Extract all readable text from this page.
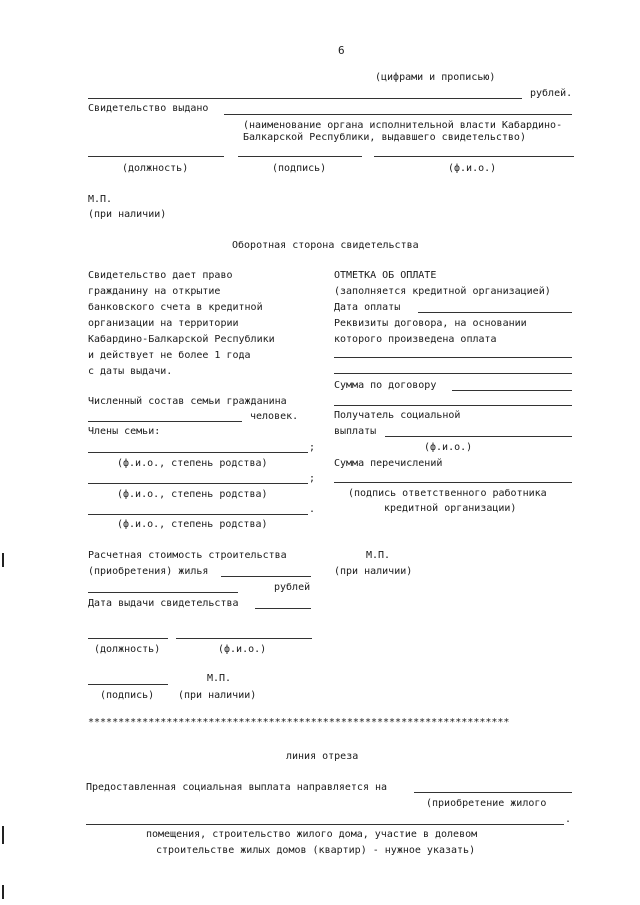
6
(цифрами и прописью)
рублей.
Свидетельство выдано
(наименование органа исполнительной власти Кабардино-
Балкарской Республики, выдавшего свидетельство)
(должность)	(подпись)	(ф.и.о.)
М.П.
(при наличии)
Оборотная сторона свидетельства
Свидетельство дает право
гражданину на открытие
банковского счета в кредитной
организации на территории
Кабардино-Балкарской Республики
и действует не более 1 года
с даты выдачи.
Численный состав семьи гражданина
человек.
Члены семьи:
;
(ф.и.о., степень родства)
;
(ф.и.о., степень родства)
.
(ф.и.о., степень родства)
Расчетная стоимость строительства
(приобретения) жилья
рублей
Дата выдачи свидетельства
(должность)	(ф.и.о.)
М.П.
(подпись) (при наличии)
ОТМЕТКА ОБ ОПЛАТЕ
(заполняется кредитной организацией)
Дата оплаты
Реквизиты договора, на основании
которого произведена оплата
Сумма по договору
Получатель социальной
выплаты
(ф.и.о.)
Сумма перечислений
(подпись ответственного работника
кредитной организации)
М.П.
(при наличии)
**********************************************************************
линия отреза
Предоставленная социальная выплата направляется на
(приобретение жилого
.
помещения, строительство жилого дома, участие в долевом
строительстве жилых домов (квартир) - нужное указать)
